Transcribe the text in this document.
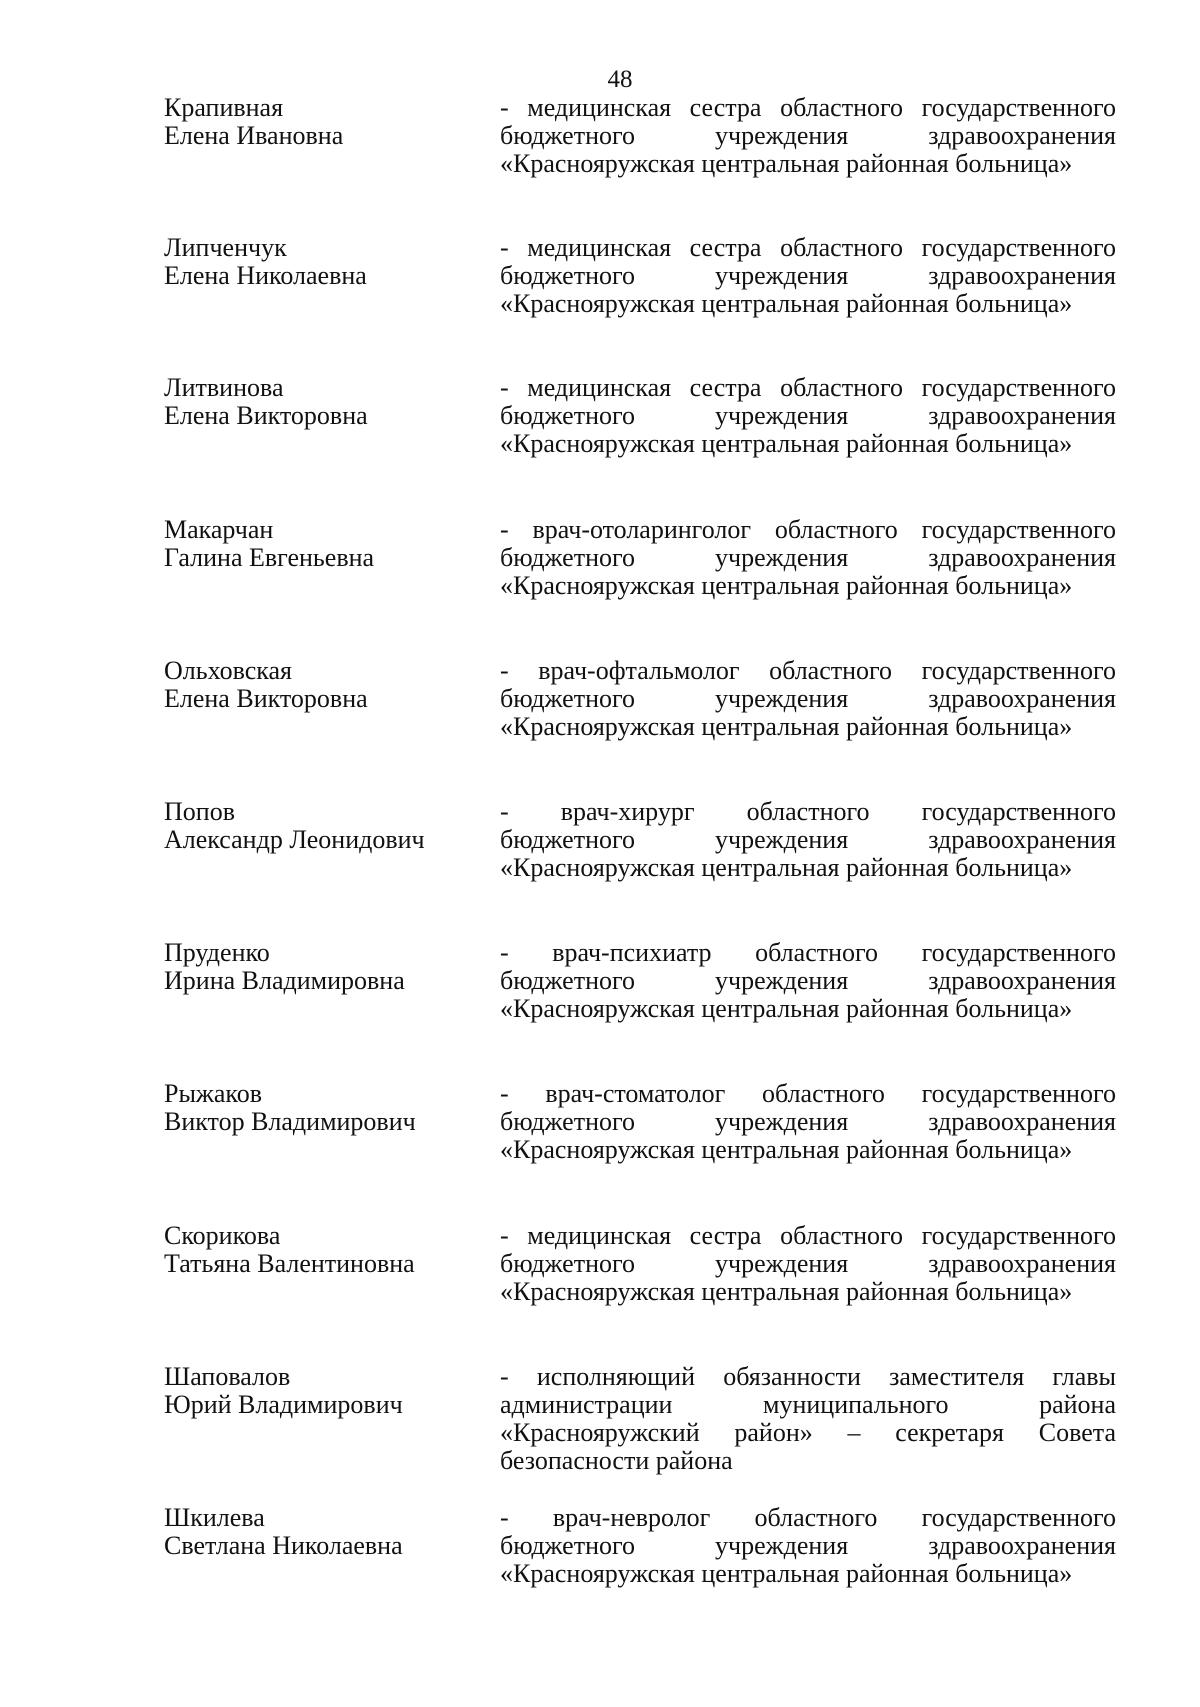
48
Крапивная
Елена Ивановна
- медицинская сестра областного государственного бюджетного учреждения здравоохранения «Краснояружская центральная районная больница»
Липченчук
Елена Николаевна
- медицинская сестра областного государственного бюджетного учреждения здравоохранения «Краснояружская центральная районная больница»
Литвинова
Елена Викторовна
- медицинская сестра областного государственного бюджетного учреждения здравоохранения «Краснояружская центральная районная больница»
Макарчан
Галина Евгеньевна
- врач-отоларинголог областного государственного бюджетного учреждения здравоохранения «Краснояружская центральная районная больница»
Ольховская
Елена Викторовна
- врач-офтальмолог областного государственного бюджетного учреждения здравоохранения «Краснояружская центральная районная больница»
Попов
Александр Леонидович
- врач-хирург областного государственного бюджетного учреждения здравоохранения «Краснояружская центральная районная больница»
Пруденко
Ирина Владимировна
- врач-психиатр областного государственного бюджетного учреждения здравоохранения «Краснояружская центральная районная больница»
Рыжаков
Виктор Владимирович
- врач-стоматолог областного государственного бюджетного учреждения здравоохранения «Краснояружская центральная районная больница»
Скорикова
Татьяна Валентиновна
- медицинская сестра областного государственного бюджетного учреждения здравоохранения «Краснояружская центральная районная больница»
Шаповалов
Юрий Владимирович
- исполняющий обязанности заместителя главы администрации муниципального района «Краснояружский район» – секретаря Совета безопасности района
Шкилева
Светлана Николаевна
- врач-невролог областного государственного бюджетного учреждения здравоохранения «Краснояружская центральная районная больница»
